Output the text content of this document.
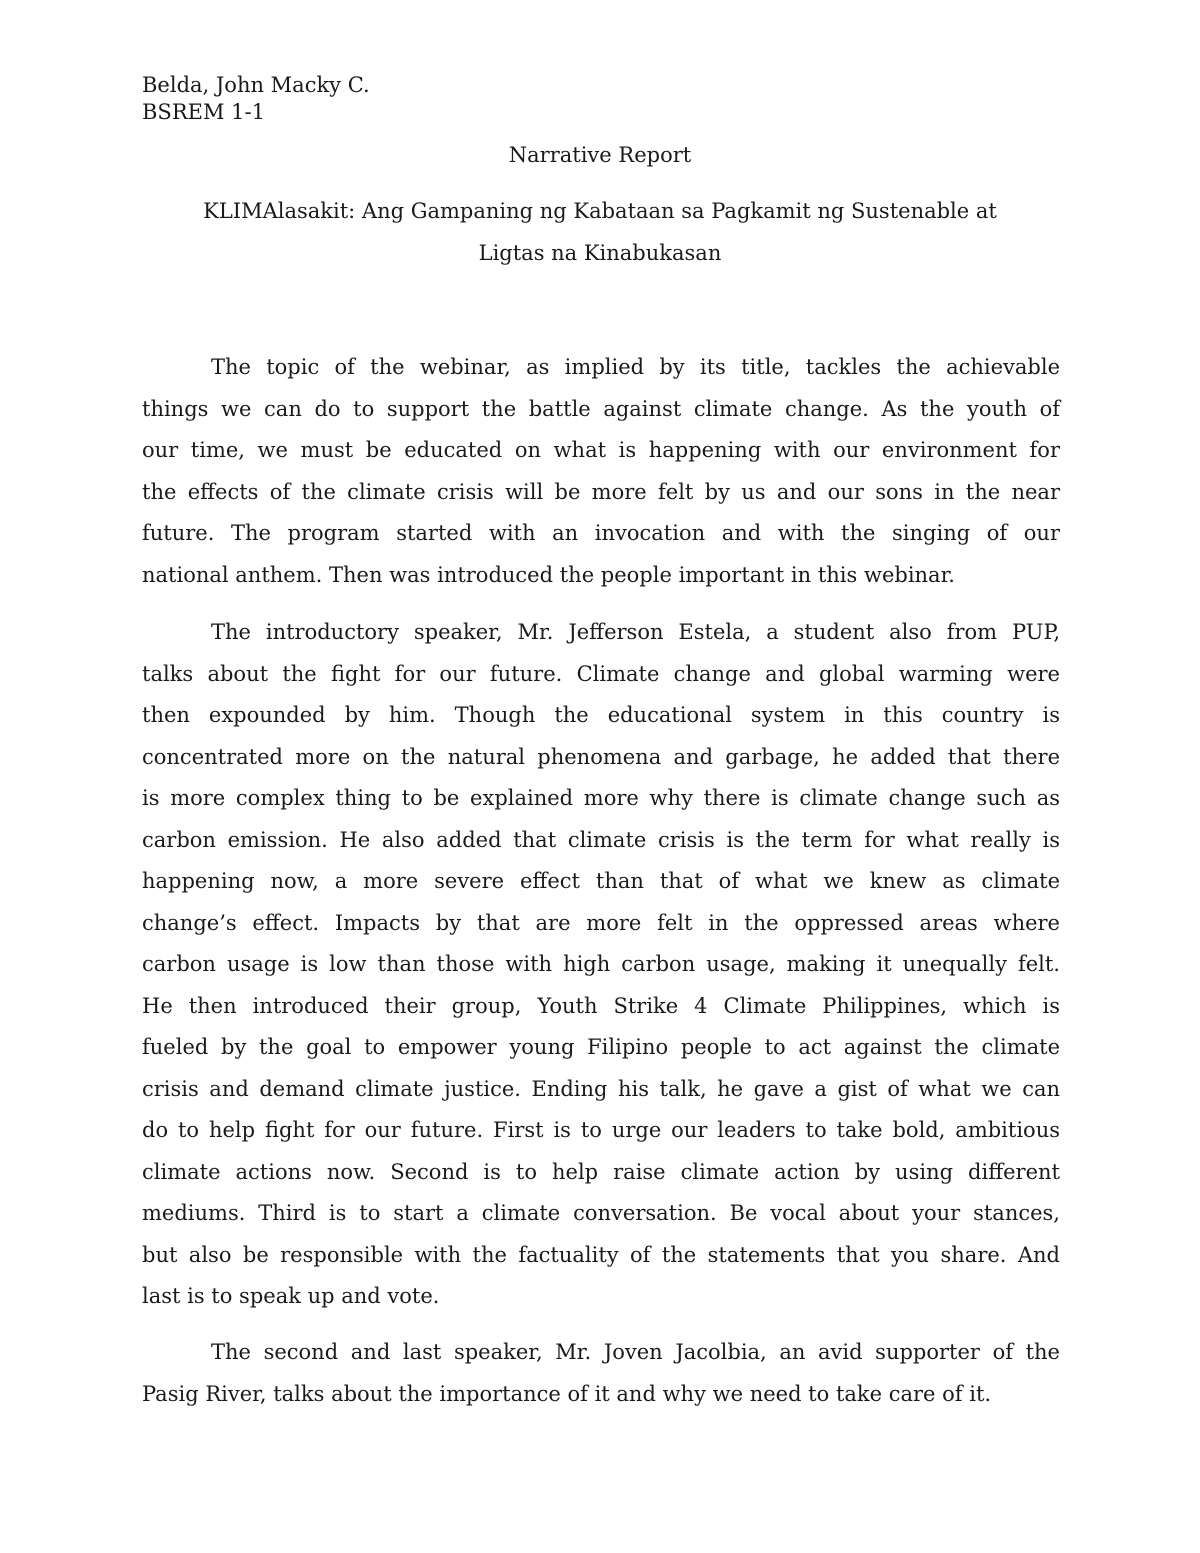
Belda, John Macky C.
BSREM 1-1
Narrative Report
KLIMAlasakit: Ang Gampaning ng Kabataan sa Pagkamit ng Sustenable at
Ligtas na Kinabukasan
The topic of the webinar, as implied by its title, tackles the achievable
things we can do to support the battle against climate change. As the youth of
our time, we must be educated on what is happening with our environment for
the effects of the climate crisis will be more felt by us and our sons in the near
future. The program started with an invocation and with the singing of our
national anthem. Then was introduced the people important in this webinar.
The introductory speaker, Mr. Jefferson Estela, a student also from PUP,
talks about the fight for our future. Climate change and global warming were
then expounded by him. Though the educational system in this country is
concentrated more on the natural phenomena and garbage, he added that there
is more complex thing to be explained more why there is climate change such as
carbon emission. He also added that climate crisis is the term for what really is
happening now, a more severe effect than that of what we knew as climate
change’s effect. Impacts by that are more felt in the oppressed areas where
carbon usage is low than those with high carbon usage, making it unequally felt.
He then introduced their group, Youth Strike 4 Climate Philippines, which is
fueled by the goal to empower young Filipino people to act against the climate
crisis and demand climate justice. Ending his talk, he gave a gist of what we can
do to help fight for our future. First is to urge our leaders to take bold, ambitious
climate actions now. Second is to help raise climate action by using different
mediums. Third is to start a climate conversation. Be vocal about your stances,
but also be responsible with the factuality of the statements that you share. And
last is to speak up and vote.
The second and last speaker, Mr. Joven Jacolbia, an avid supporter of the
Pasig River, talks about the importance of it and why we need to take care of it.
